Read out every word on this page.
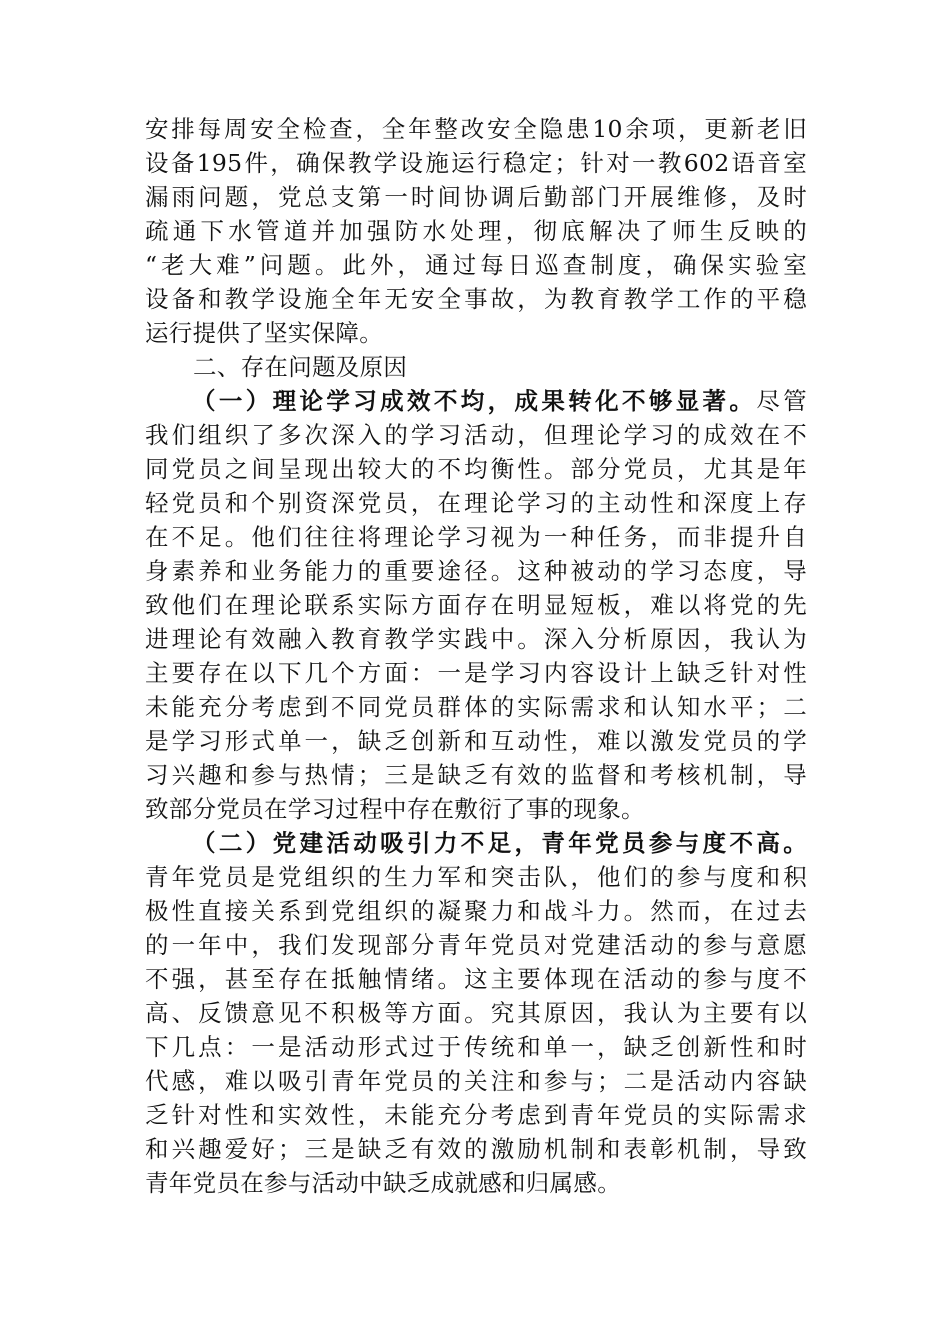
安排每周安全检查，全年整改安全隐患10余项，更新老旧
设备195件，确保教学设施运行稳定；针对一教602语音室
漏雨问题，党总支第一时间协调后勤部门开展维修，及时
疏通下水管道并加强防水处理，彻底解决了师生反映的
“老大难”问题。此外，通过每日巡查制度，确保实验室
设备和教学设施全年无安全事故，为教育教学工作的平稳
运行提供了坚实保障。
二、存在问题及原因
（一）理论学习成效不均，成果转化不够显著。尽管
我们组织了多次深入的学习活动，但理论学习的成效在不
同党员之间呈现出较大的不均衡性。部分党员，尤其是年
轻党员和个别资深党员，在理论学习的主动性和深度上存
在不足。他们往往将理论学习视为一种任务，而非提升自
身素养和业务能力的重要途径。这种被动的学习态度，导
致他们在理论联系实际方面存在明显短板，难以将党的先
进理论有效融入教育教学实践中。深入分析原因，我认为
主要存在以下几个方面：一是学习内容设计上缺乏针对性
未能充分考虑到不同党员群体的实际需求和认知水平；二
是学习形式单一，缺乏创新和互动性，难以激发党员的学
习兴趣和参与热情；三是缺乏有效的监督和考核机制，导
致部分党员在学习过程中存在敷衍了事的现象。
（二）党建活动吸引力不足，青年党员参与度不高。
青年党员是党组织的生力军和突击队，他们的参与度和积
极性直接关系到党组织的凝聚力和战斗力。然而，在过去
的一年中，我们发现部分青年党员对党建活动的参与意愿
不强，甚至存在抵触情绪。这主要体现在活动的参与度不
高、反馈意见不积极等方面。究其原因，我认为主要有以
下几点：一是活动形式过于传统和单一，缺乏创新性和时
代感，难以吸引青年党员的关注和参与；二是活动内容缺
乏针对性和实效性，未能充分考虑到青年党员的实际需求
和兴趣爱好；三是缺乏有效的激励机制和表彰机制，导致
青年党员在参与活动中缺乏成就感和归属感。
